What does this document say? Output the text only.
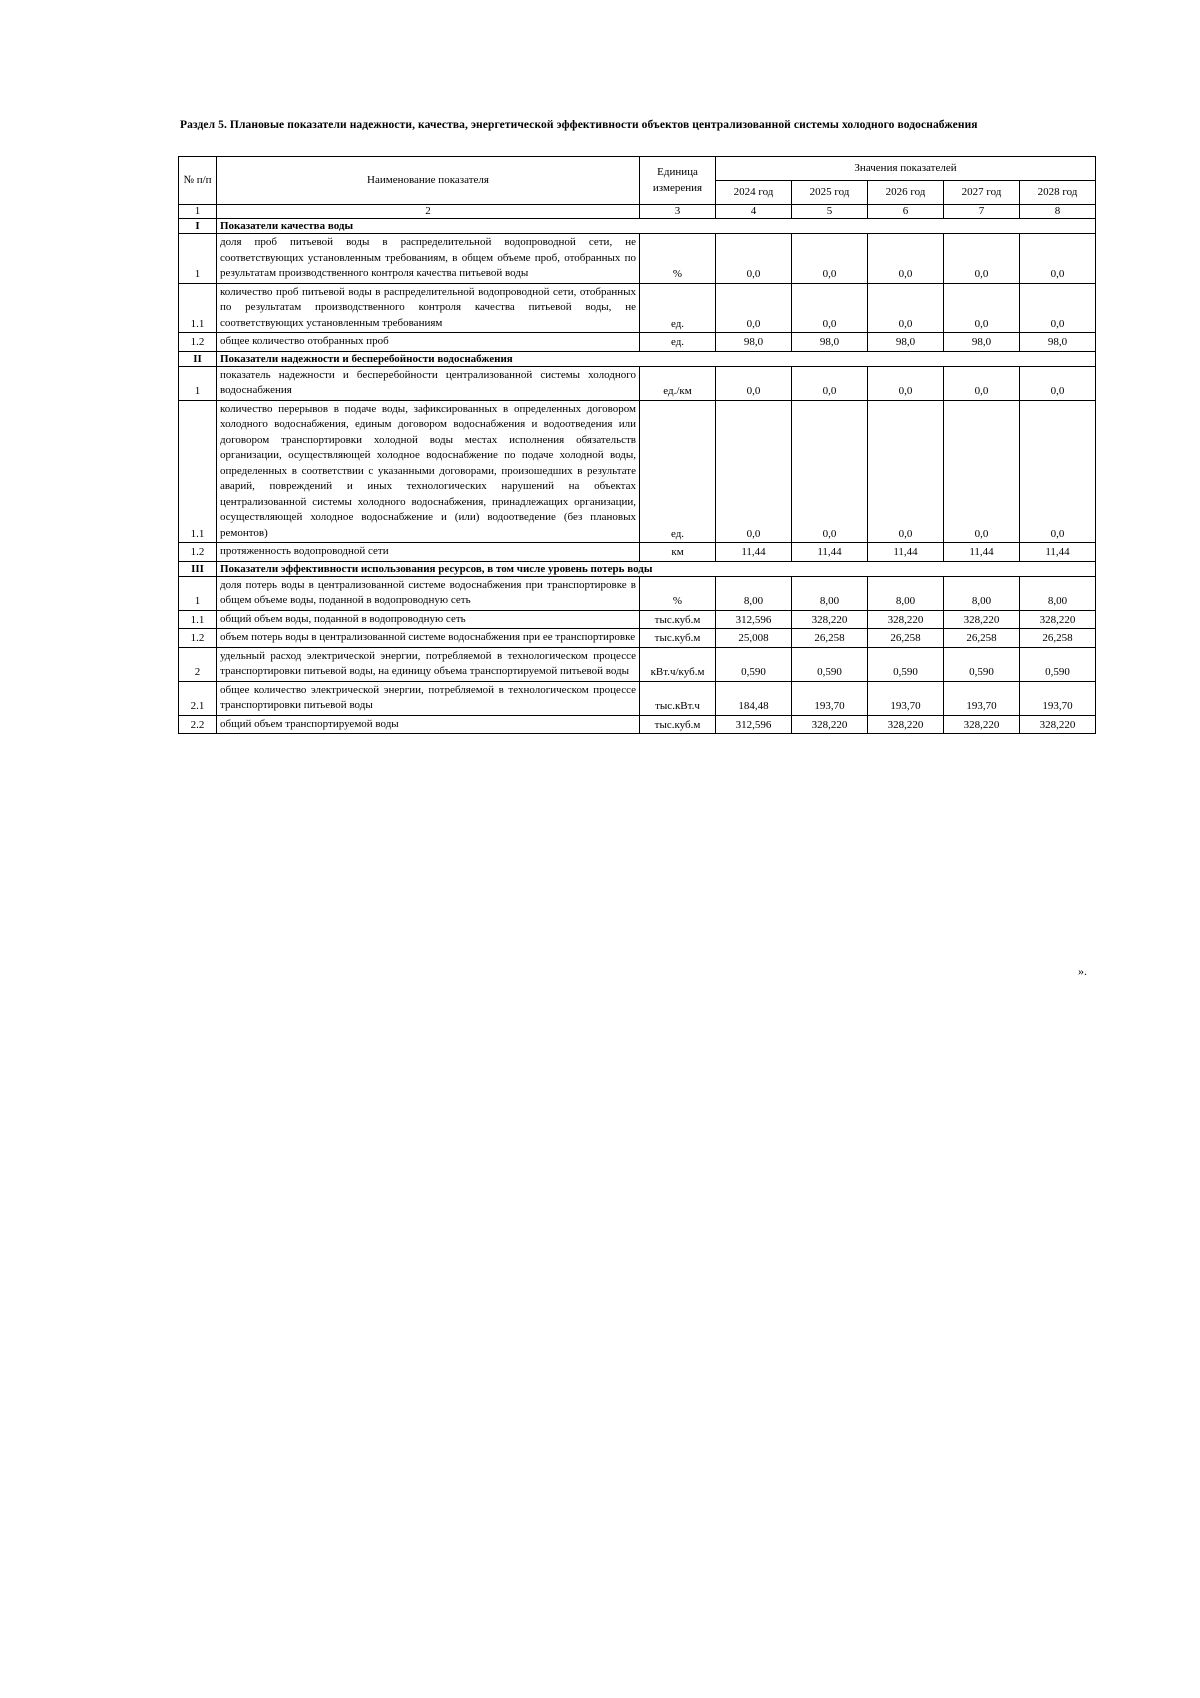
Раздел 5. Плановые показатели надежности, качества, энергетической эффективности объектов централизованной системы холодного водоснабжения
№ п/п	Наименование показателя	Единица измерения	Значения показателей				
			2024 год	2025 год	2026 год	2027 год	2028 год
1	2	3	4	5	6	7	8
I	Показатели качества воды						
1	доля проб питьевой воды в распределительной водопроводной сети, не соответствующих установленным требованиям, в общем объеме проб, отобранных по результатам производственного контроля качества питьевой воды	%	0,0	0,0	0,0	0,0	0,0
1.1	количество проб питьевой воды в распределительной водопроводной сети, отобранных по результатам производственного контроля качества питьевой воды, не соответствующих установленным требованиям	ед.	0,0	0,0	0,0	0,0	0,0
1.2	общее количество отобранных проб	ед.	98,0	98,0	98,0	98,0	98,0
II	Показатели надежности и бесперебойности водоснабжения						
1	показатель надежности и бесперебойности централизованной системы холодного водоснабжения	ед./км	0,0	0,0	0,0	0,0	0,0
1.1	количество перерывов в подаче воды, зафиксированных в определенных договором холодного водоснабжения, единым договором водоснабжения и водоотведения или договором транспортировки холодной воды местах исполнения обязательств организации, осуществляющей холодное водоснабжение по подаче холодной воды, определенных в соответствии с указанными договорами, произошедших в результате аварий, повреждений и иных технологических нарушений на объектах централизованной системы холодного водоснабжения, принадлежащих организации, осуществляющей холодное водоснабжение и (или) водоотведение (без плановых ремонтов)	ед.	0,0	0,0	0,0	0,0	0,0
1.2	протяженность водопроводной сети	км	11,44	11,44	11,44	11,44	11,44
III	Показатели эффективности использования ресурсов, в том числе уровень потерь воды						
1	доля потерь воды в централизованной системе водоснабжения при транспортировке в общем объеме воды, поданной в водопроводную сеть	%	8,00	8,00	8,00	8,00	8,00
1.1	общий объем воды, поданной в водопроводную сеть	тыс.куб.м	312,596	328,220	328,220	328,220	328,220
1.2	объем потерь воды в централизованной системе водоснабжения при ее транспортировке	тыс.куб.м	25,008	26,258	26,258	26,258	26,258
2	удельный расход электрической энергии, потребляемой в технологическом процессе транспортировки питьевой воды, на единицу объема транспортируемой питьевой воды	кВт.ч/куб.м	0,590	0,590	0,590	0,590	0,590
2.1	общее количество электрической энергии, потребляемой в технологическом процессе транспортировки питьевой воды	тыс.кВт.ч	184,48	193,70	193,70	193,70	193,70
2.2	общий объем транспортируемой воды	тыс.куб.м	312,596	328,220	328,220	328,220	328,220
».
